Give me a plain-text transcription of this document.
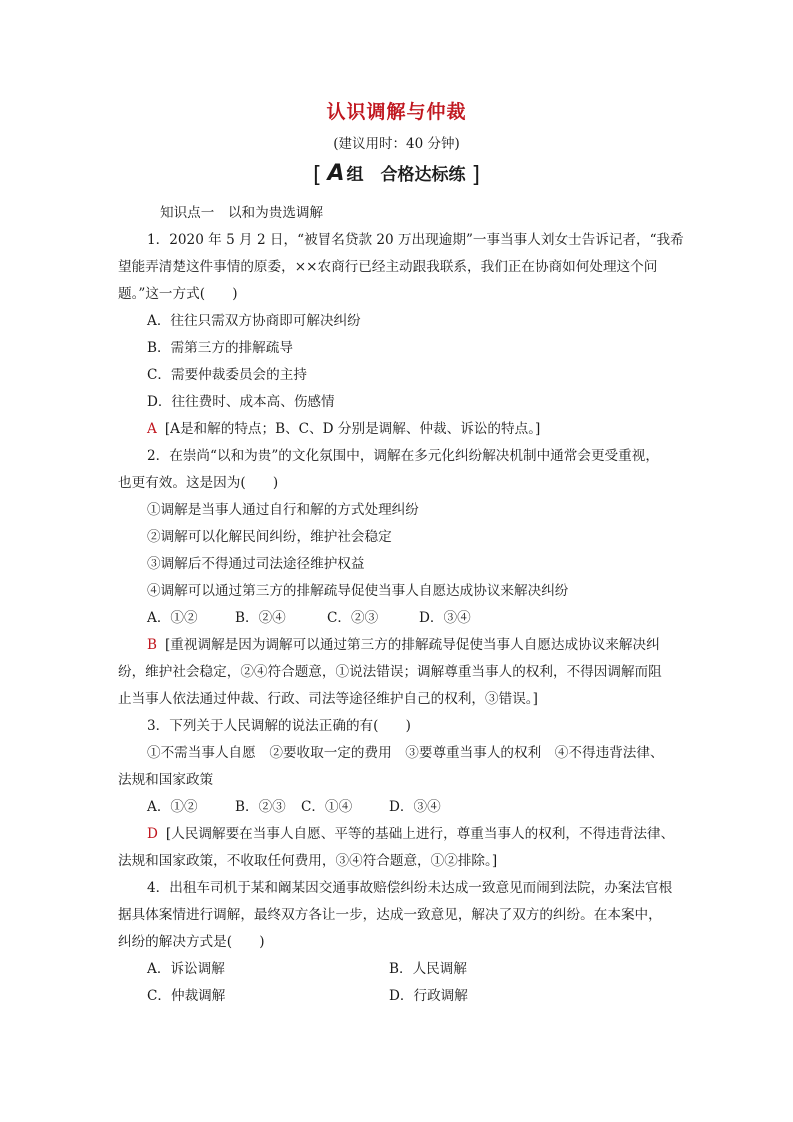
认识调解与仲裁
(建议用时：40 分钟)
[ A 组　合格达标练 ]
知识点一　以和为贵选调解
1．2020 年 5 月 2 日，“被冒名贷款 20 万出现逾期”一事当事人刘女士告诉记者，“我希
望能弄清楚这件事情的原委，××农商行已经主动跟我联系，我们正在协商如何处理这个问
题。”这一方式(　　)
A．往往只需双方协商即可解决纠纷
B．需第三方的排解疏导
C．需要仲裁委员会的主持
D．往往费时、成本高、伤感情
A [A是和解的特点；B、C、D 分别是调解、仲裁、诉讼的特点。]
2．在崇尚“以和为贵”的文化氛围中，调解在多元化纠纷解决机制中通常会更受重视，
也更有效。这是因为(　　)
①调解是当事人通过自行和解的方式处理纠纷
②调解可以化解民间纠纷，维护社会稳定
③调解后不得通过司法途径维护权益
④调解可以通过第三方的排解疏导促使当事人自愿达成协议来解决纠纷
A．①②	B．②④	C．②③	D．③④
B [重视调解是因为调解可以通过第三方的排解疏导促使当事人自愿达成协议来解决纠
纷，维护社会稳定，②④符合题意，①说法错误；调解尊重当事人的权利，不得因调解而阻
止当事人依法通过仲裁、行政、司法等途径维护自己的权利，③错误。]
3．下列关于人民调解的说法正确的有(　　)
①不需当事人自愿　②要收取一定的费用　③要尊重当事人的权利　④不得违背法律、
法规和国家政策
A．①②	B．②③ C．①④	D．③④
D [人民调解要在当事人自愿、平等的基础上进行，尊重当事人的权利，不得违背法律、
法规和国家政策，不收取任何费用，③④符合题意，①②排除。]
4．出租车司机于某和阚某因交通事故赔偿纠纷未达成一致意见而闹到法院，办案法官根
据具体案情进行调解，最终双方各让一步，达成一致意见，解决了双方的纠纷。在本案中，
纠纷的解决方式是(　　)
A．诉讼调解	B．人民调解
C．仲裁调解	D．行政调解
